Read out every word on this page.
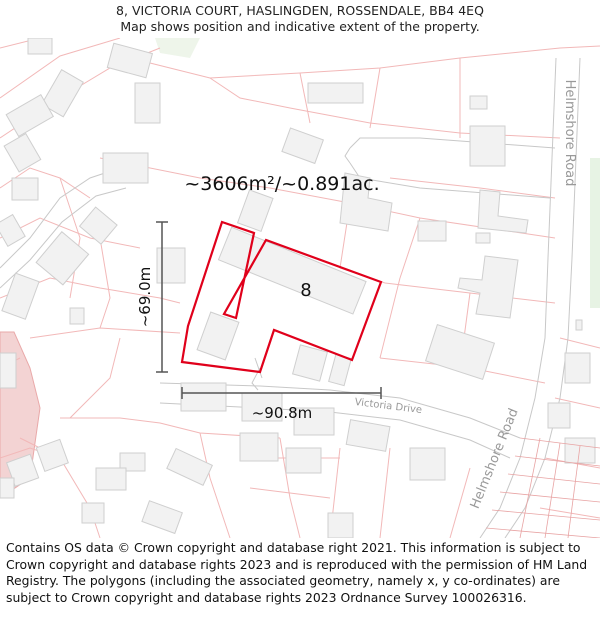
8, VICTORIA COURT, HASLINGDEN, ROSSENDALE, BB4 4EQ
Map shows position and indicative extent of the property.
~3606m²/~0.891ac.
8
~69.0m
~90.8m
Helmshore Road
Helmshore Road
Victoria Drive
Contains OS data © Crown copyright and database right 2021. This information is subject to Crown copyright and database rights 2023 and is reproduced with the permission of HM Land Registry. The polygons (including the associated geometry, namely x, y co-ordinates) are subject to Crown copyright and database rights 2023 Ordnance Survey 100026316.
